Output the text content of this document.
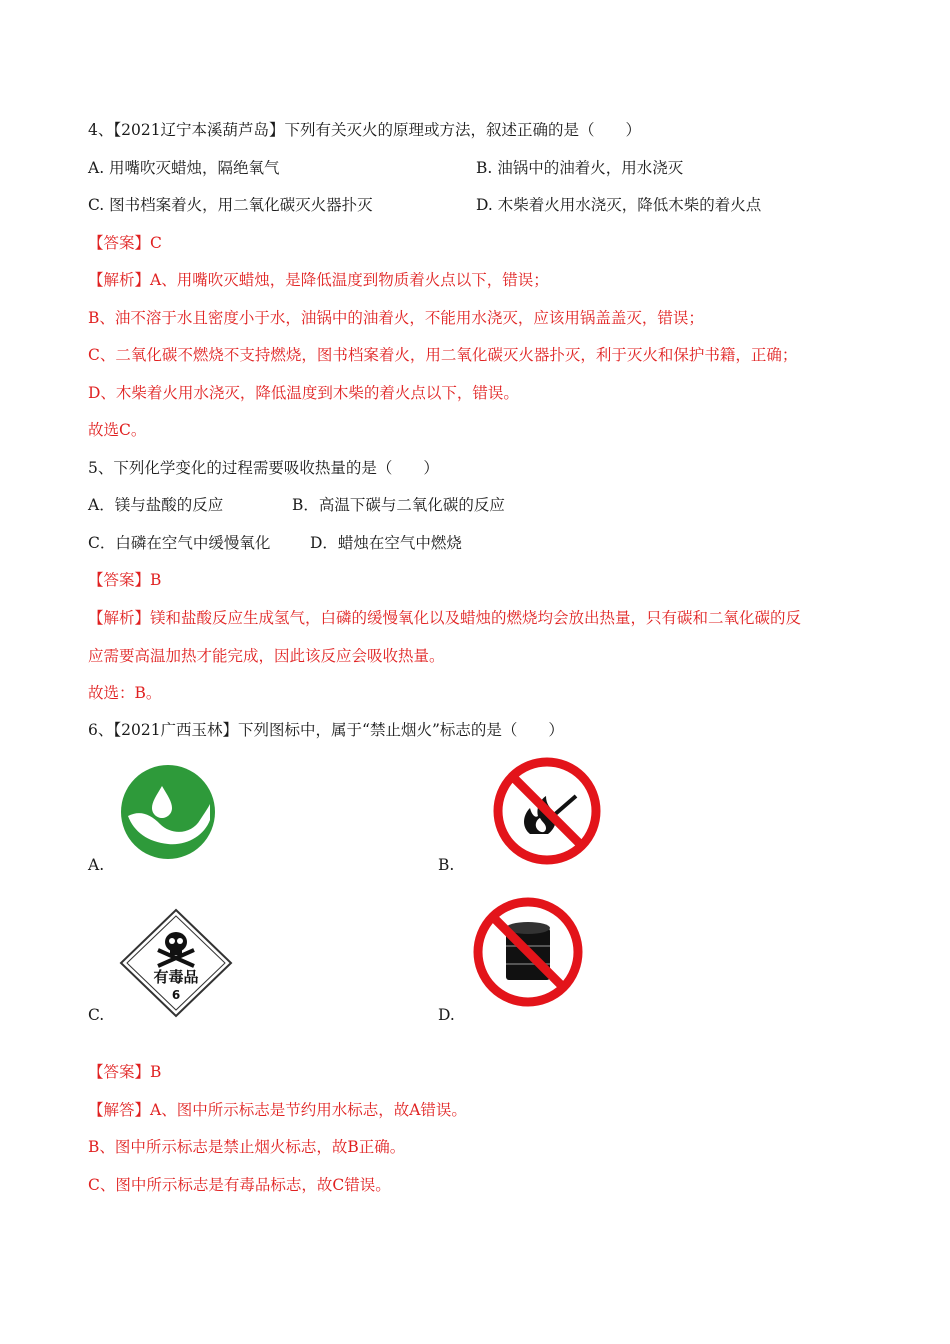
4、【2021辽宁本溪葫芦岛】下列有关灭火的原理或方法，叙述正确的是（　　）
A. 用嘴吹灭蜡烛，隔绝氧气	B. 油锅中的油着火，用水浇灭
C. 图书档案着火，用二氧化碳灭火器扑灭	D. 木柴着火用水浇灭，降低木柴的着火点
【答案】C
【解析】A、用嘴吹灭蜡烛，是降低温度到物质着火点以下，错误；
B、油不溶于水且密度小于水，油锅中的油着火，不能用水浇灭，应该用锅盖盖灭，错误；
C、二氧化碳不燃烧不支持燃烧，图书档案着火，用二氧化碳灭火器扑灭，利于灭火和保护书籍，正确；
D、木柴着火用水浇灭，降低温度到木柴的着火点以下，错误。
故选C。
5、下列化学变化的过程需要吸收热量的是（　　）
A．镁与盐酸的反应	B．高温下碳与二氧化碳的反应
C．白磷在空气中缓慢氧化	D．蜡烛在空气中燃烧
【答案】B
【解析】镁和盐酸反应生成氢气，白磷的缓慢氧化以及蜡烛的燃烧均会放出热量，只有碳和二氧化碳的反
应需要高温加热才能完成，因此该反应会吸收热量。
故选：B。
6、【2021广西玉林】下列图标中，属于“禁止烟火”标志的是（　　）
A.	B.
有毒品
6
C.	D.
【答案】B
【解答】A、图中所示标志是节约用水标志，故A错误。
B、图中所示标志是禁止烟火标志，故B正确。
C、图中所示标志是有毒品标志，故C错误。
